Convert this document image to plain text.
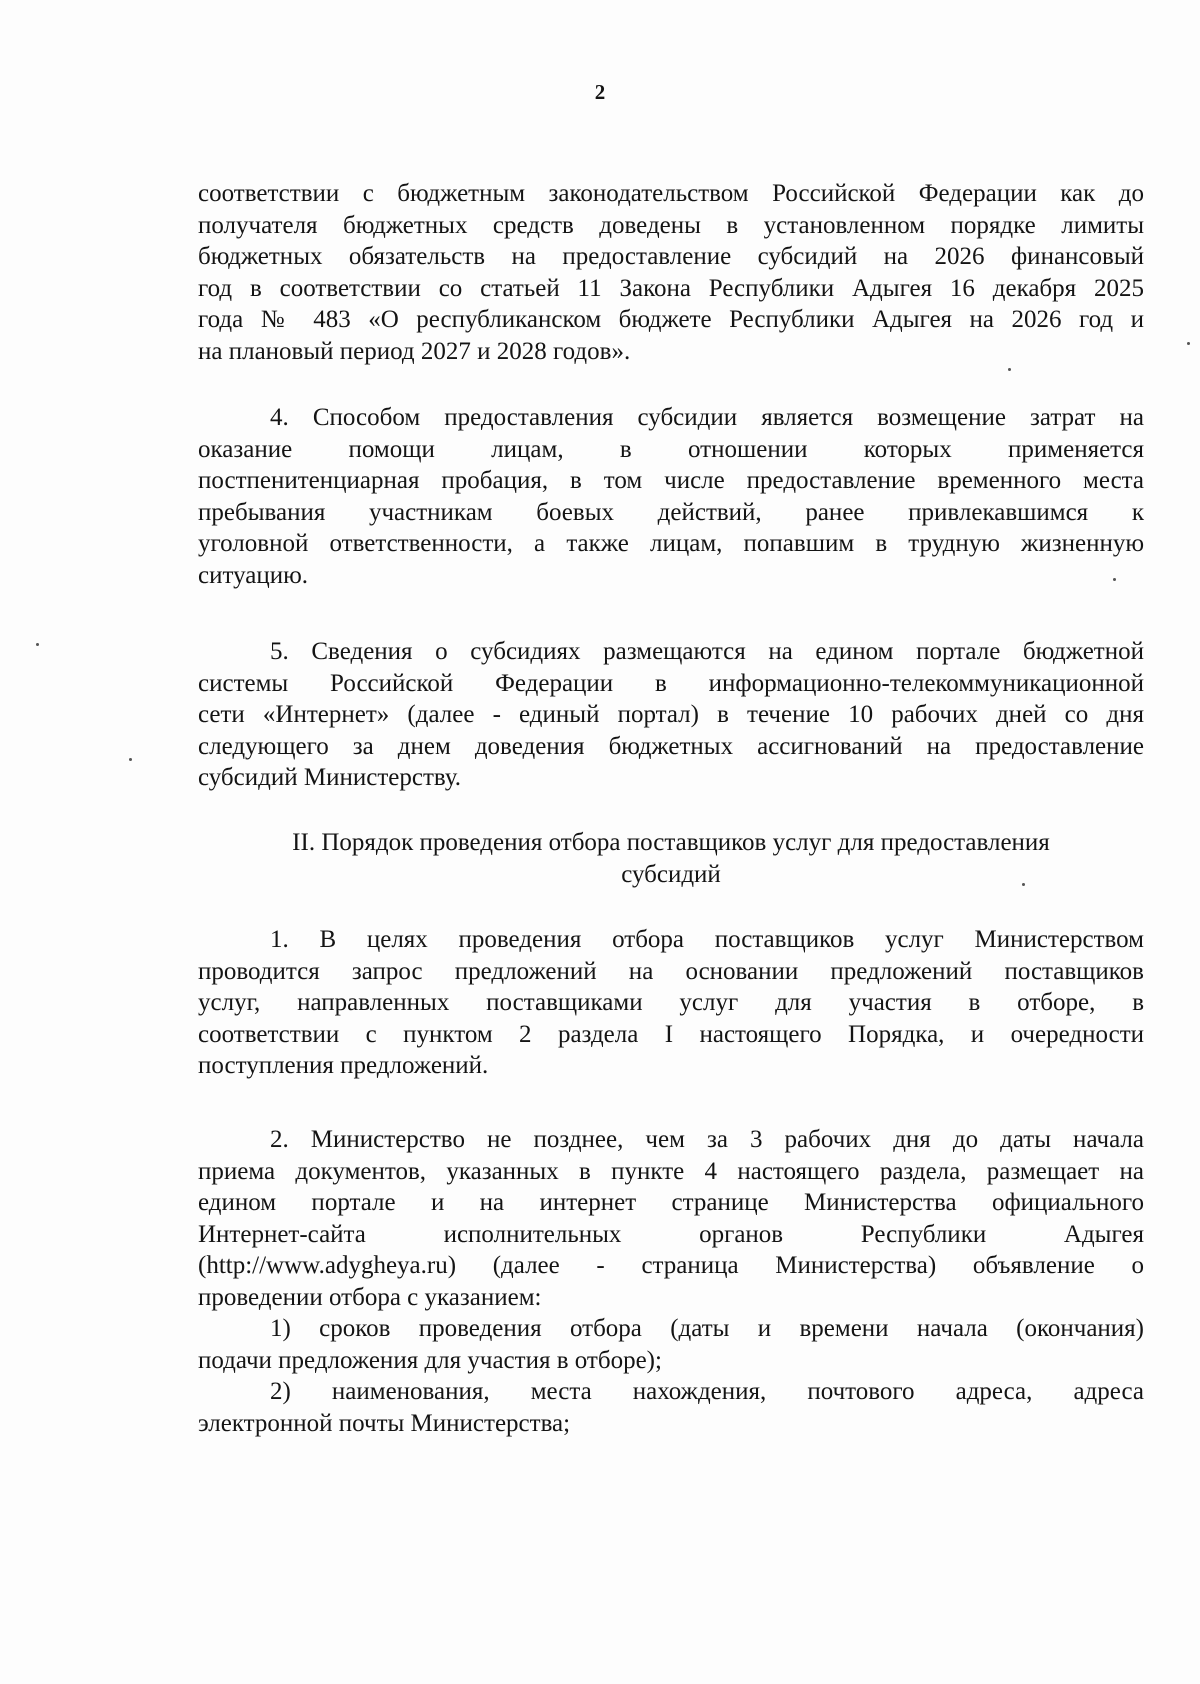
2
соответствии с бюджетным законодательством Российской Федерации как до
получателя бюджетных средств доведены в установленном порядке лимиты
бюджетных обязательств на предоставление субсидий на 2026 финансовый
год в соответствии со статьей 11 Закона Республики Адыгея 16 декабря 2025
года № 483 «О республиканском бюджете Республики Адыгея на 2026 год и
на плановый период 2027 и 2028 годов».
4. Способом предоставления субсидии является возмещение затрат на
оказание помощи лицам, в отношении которых применяется
постпенитенциарная пробация, в том числе предоставление временного места
пребывания участникам боевых действий, ранее привлекавшимся к
уголовной ответственности, а также лицам, попавшим в трудную жизненную
ситуацию.
5. Сведения о субсидиях размещаются на едином портале бюджетной
системы Российской Федерации в информационно-телекоммуникационной
сети «Интернет» (далее - единый портал) в течение 10 рабочих дней со дня
следующего за днем доведения бюджетных ассигнований на предоставление
субсидий Министерству.
II. Порядок проведения отбора поставщиков услуг для предоставления
субсидий
1. В целях проведения отбора поставщиков услуг Министерством
проводится запрос предложений на основании предложений поставщиков
услуг, направленных поставщиками услуг для участия в отборе, в
соответствии с пунктом 2 раздела I настоящего Порядка, и очередности
поступления предложений.
2. Министерство не позднее, чем за 3 рабочих дня до даты начала
приема документов, указанных в пункте 4 настоящего раздела, размещает на
едином портале и на интернет странице Министерства официального
Интернет-сайта исполнительных органов Республики Адыгея
(http://www.adygheya.ru) (далее - страница Министерства) объявление о
проведении отбора с указанием:
1) сроков проведения отбора (даты и времени начала (окончания)
подачи предложения для участия в отборе);
2) наименования, места нахождения, почтового адреса, адреса
электронной почты Министерства;
